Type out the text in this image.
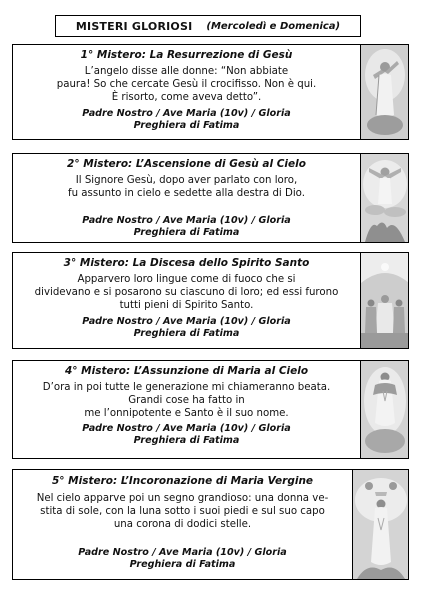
MISTERI GLORIOSI (Mercoledì e Domenica)
1° Mistero: La Resurrezione di Gesù
L’angelo disse alle donne: “Non abbiate
paura! So che cercate Gesù il crocifisso. Non è qui.
È risorto, come aveva detto”.
Padre Nostro / Ave Maria (10v) / Gloria
Preghiera di Fatima
2° Mistero: L’Ascensione di Gesù al Cielo
Il Signore Gesù, dopo aver parlato con loro,
fu assunto in cielo e sedette alla destra di Dio.
Padre Nostro / Ave Maria (10v) / Gloria
Preghiera di Fatima
3° Mistero: La Discesa dello Spirito Santo
Apparvero loro lingue come di fuoco che si
dividevano e si posarono su ciascuno di loro; ed essi furono
tutti pieni di Spirito Santo.
Padre Nostro / Ave Maria (10v) / Gloria
Preghiera di Fatima
4° Mistero: L’Assunzione di Maria al Cielo
D’ora in poi tutte le generazione mi chiameranno beata.
Grandi cose ha fatto in
me l’onnipotente e Santo è il suo nome.
Padre Nostro / Ave Maria (10v) / Gloria
Preghiera di Fatima
5° Mistero: L’Incoronazione di Maria Vergine
Nel cielo apparve poi un segno grandioso: una donna ve-
stita di sole, con la luna sotto i suoi piedi e sul suo capo
una corona di dodici stelle.
Padre Nostro / Ave Maria (10v) / Gloria
Preghiera di Fatima
